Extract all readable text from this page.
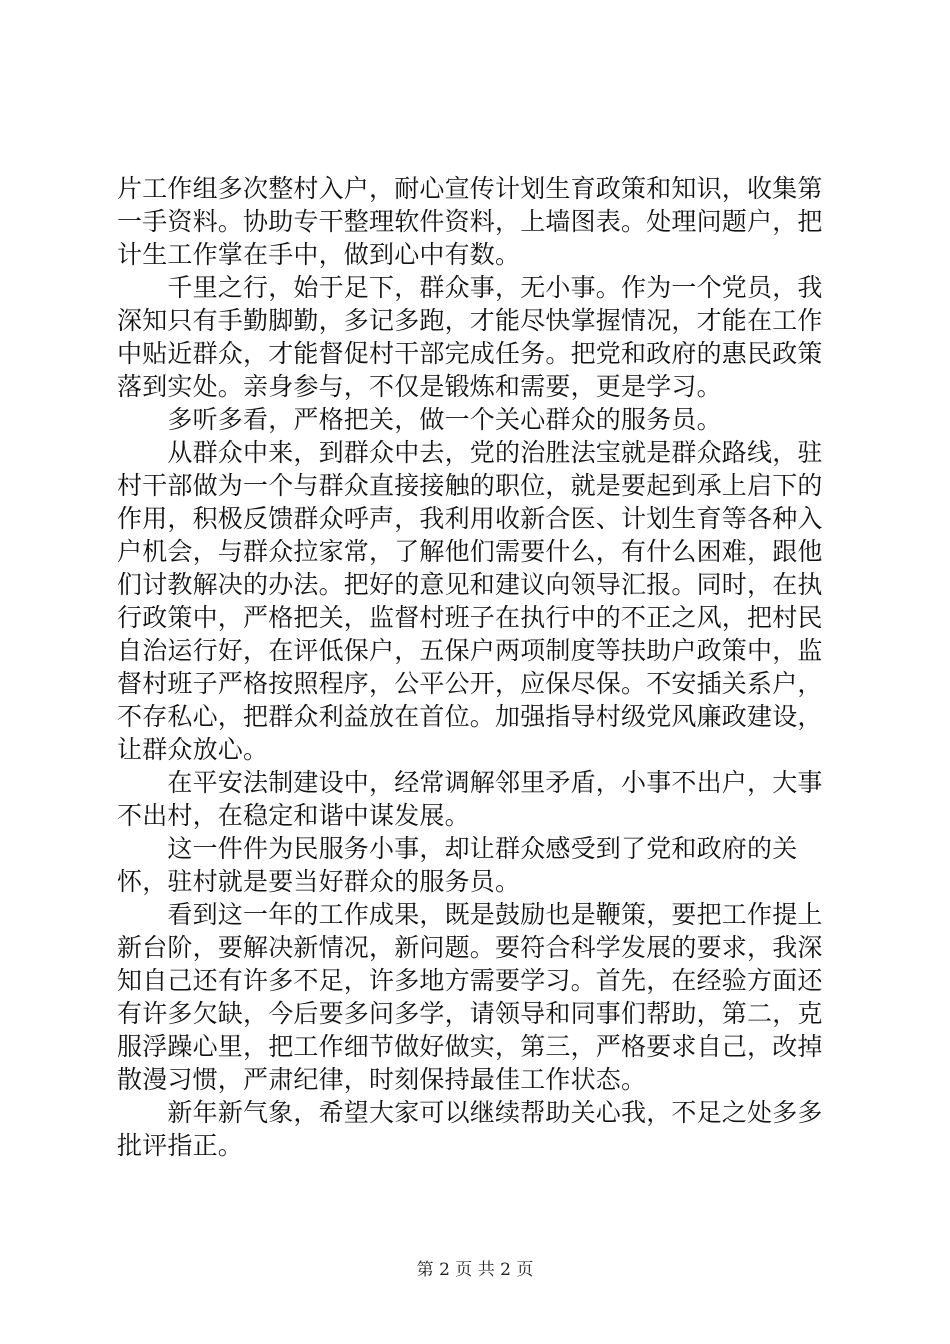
片工作组多次整村入户，耐心宣传计划生育政策和知识，收集第一手资料。协助专干整理软件资料，上墙图表。处理问题户，把计生工作掌在手中，做到心中有数。

　　千里之行，始于足下，群众事，无小事。作为一个党员，我深知只有手勤脚勤，多记多跑，才能尽快掌握情况，才能在工作中贴近群众，才能督促村干部完成任务。把党和政府的惠民政策落到实处。亲身参与，不仅是锻炼和需要，更是学习。

　　多听多看，严格把关，做一个关心群众的服务员。

　　从群众中来，到群众中去，党的治胜法宝就是群众路线，驻村干部做为一个与群众直接接触的职位，就是要起到承上启下的作用，积极反馈群众呼声，我利用收新合医、计划生育等各种入户机会，与群众拉家常，了解他们需要什么，有什么困难，跟他们讨教解决的办法。把好的意见和建议向领导汇报。同时，在执行政策中，严格把关，监督村班子在执行中的不正之风，把村民自治运行好，在评低保户，五保户两项制度等扶助户政策中，监督村班子严格按照程序，公平公开，应保尽保。不安插关系户，不存私心，把群众利益放在首位。加强指导村级党风廉政建设，让群众放心。

　　在平安法制建设中，经常调解邻里矛盾，小事不出户，大事不出村，在稳定和谐中谋发展。

　　这一件件为民服务小事，却让群众感受到了党和政府的关怀，驻村就是要当好群众的服务员。

　　看到这一年的工作成果，既是鼓励也是鞭策，要把工作提上新台阶，要解决新情况，新问题。要符合科学发展的要求，我深知自己还有许多不足，许多地方需要学习。首先，在经验方面还有许多欠缺，今后要多问多学，请领导和同事们帮助，第二，克服浮躁心里，把工作细节做好做实，第三，严格要求自己，改掉散漫习惯，严肃纪律，时刻保持最佳工作状态。

　　新年新气象，希望大家可以继续帮助关心我，不足之处多多批评指正。

第 2 页 共 2 页
